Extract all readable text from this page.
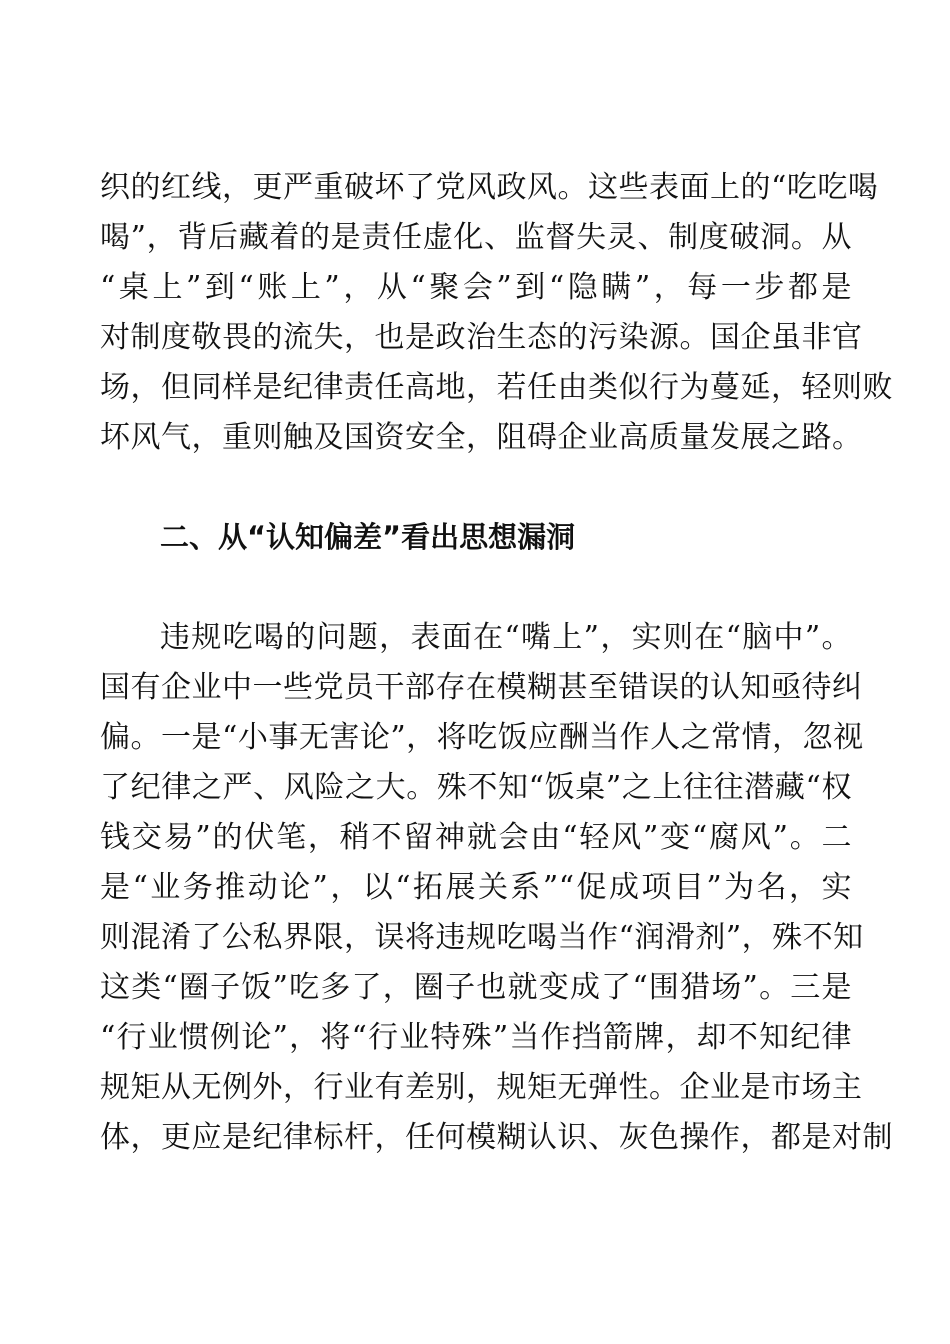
织的红线，更严重破坏了党风政风。这些表面上的“吃吃喝
喝”，背后藏着的是责任虚化、监督失灵、制度破洞。从
“桌上”到“账上”，从“聚会”到“隐瞒”，每一步都是
对制度敬畏的流失，也是政治生态的污染源。国企虽非官
场，但同样是纪律责任高地，若任由类似行为蔓延，轻则败
坏风气，重则触及国资安全，阻碍企业高质量发展之路。
二、从“认知偏差”看出思想漏洞
违规吃喝的问题，表面在“嘴上”，实则在“脑中”。
国有企业中一些党员干部存在模糊甚至错误的认知亟待纠
偏。一是“小事无害论”，将吃饭应酬当作人之常情，忽视
了纪律之严、风险之大。殊不知“饭桌”之上往往潜藏“权
钱交易”的伏笔，稍不留神就会由“轻风”变“腐风”。二
是“业务推动论”，以“拓展关系”“促成项目”为名，实
则混淆了公私界限，误将违规吃喝当作“润滑剂”，殊不知
这类“圈子饭”吃多了，圈子也就变成了“围猎场”。三是
“行业惯例论”，将“行业特殊”当作挡箭牌，却不知纪律
规矩从无例外，行业有差别，规矩无弹性。企业是市场主
体，更应是纪律标杆，任何模糊认识、灰色操作，都是对制
